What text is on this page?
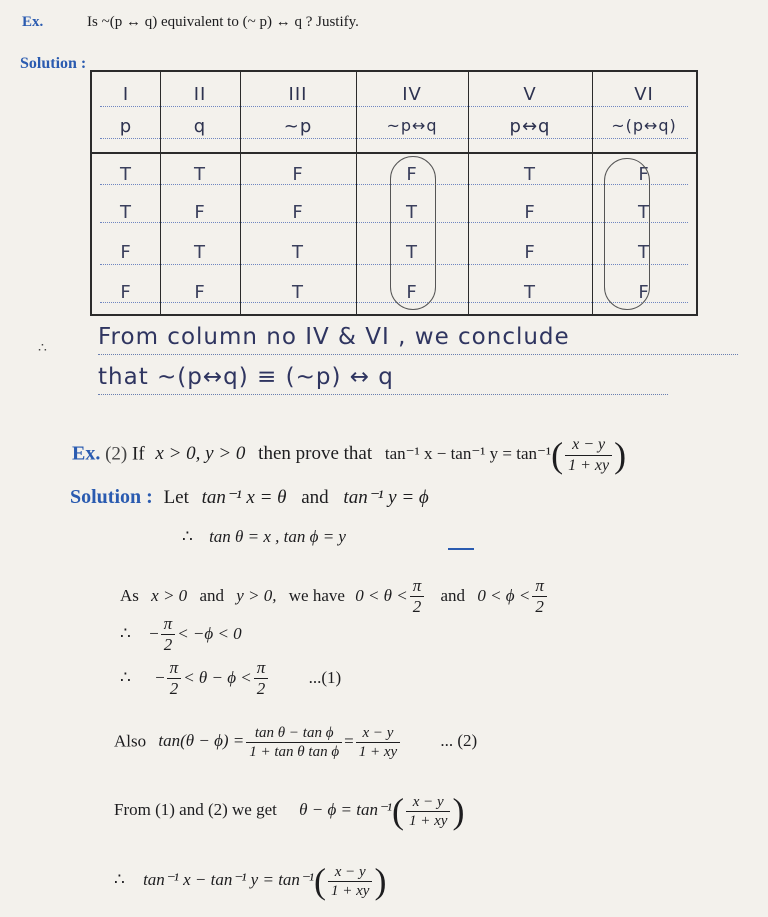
Ex.	Is ~(p ↔ q) equivalent to (~ p) ↔ q ? Justify.
Solution :
I	II	III	IV	V	VI
p	q	~p	~p↔q	p↔q	~(p↔q)
T	T	F	F	T	F
T	F	F	T	F	T
F	T	T	T	F	T
F	F	T	F	T	F
∴ From column no IV & VI , we conclude
that ~(p↔q) ≡ (~p) ↔ q
Ex. (2) If x > 0, y > 0 then prove that tan⁻¹ x − tan⁻¹ $y = \tan^{-1}( \frac{x - y}{1 + xy}$ )
Solution : Let tan⁻¹ x = θ and tan⁻¹ y = ϕ
∴ tan θ = x , tan ϕ = y
As x > 0 and y > 0, we have $0 < \theta < \frac{\pi}{2}$ and $0 < \phi < \frac{\pi}{2}$
∴ − $\frac{\pi}{2} < -\phi < 0$
∴ − $\frac{\pi}{2} < \theta - \phi < \frac{\pi}{2} ...(1)$
Also $\tan(\theta - \phi) = \frac{\text{tan θ − tan ϕ}}{\text{1 + tan θ tan ϕ}} = \frac{x - y}{1 + xy}$ ... (2)
From (1) and (2) we get $\theta - \phi = \tan^{-1}( \frac{x - y}{1 + xy}$ )
∴ tan⁻¹ x − tan⁻¹ $y = \tan^{-1}( \frac{x - y}{1 + xy}$ )
